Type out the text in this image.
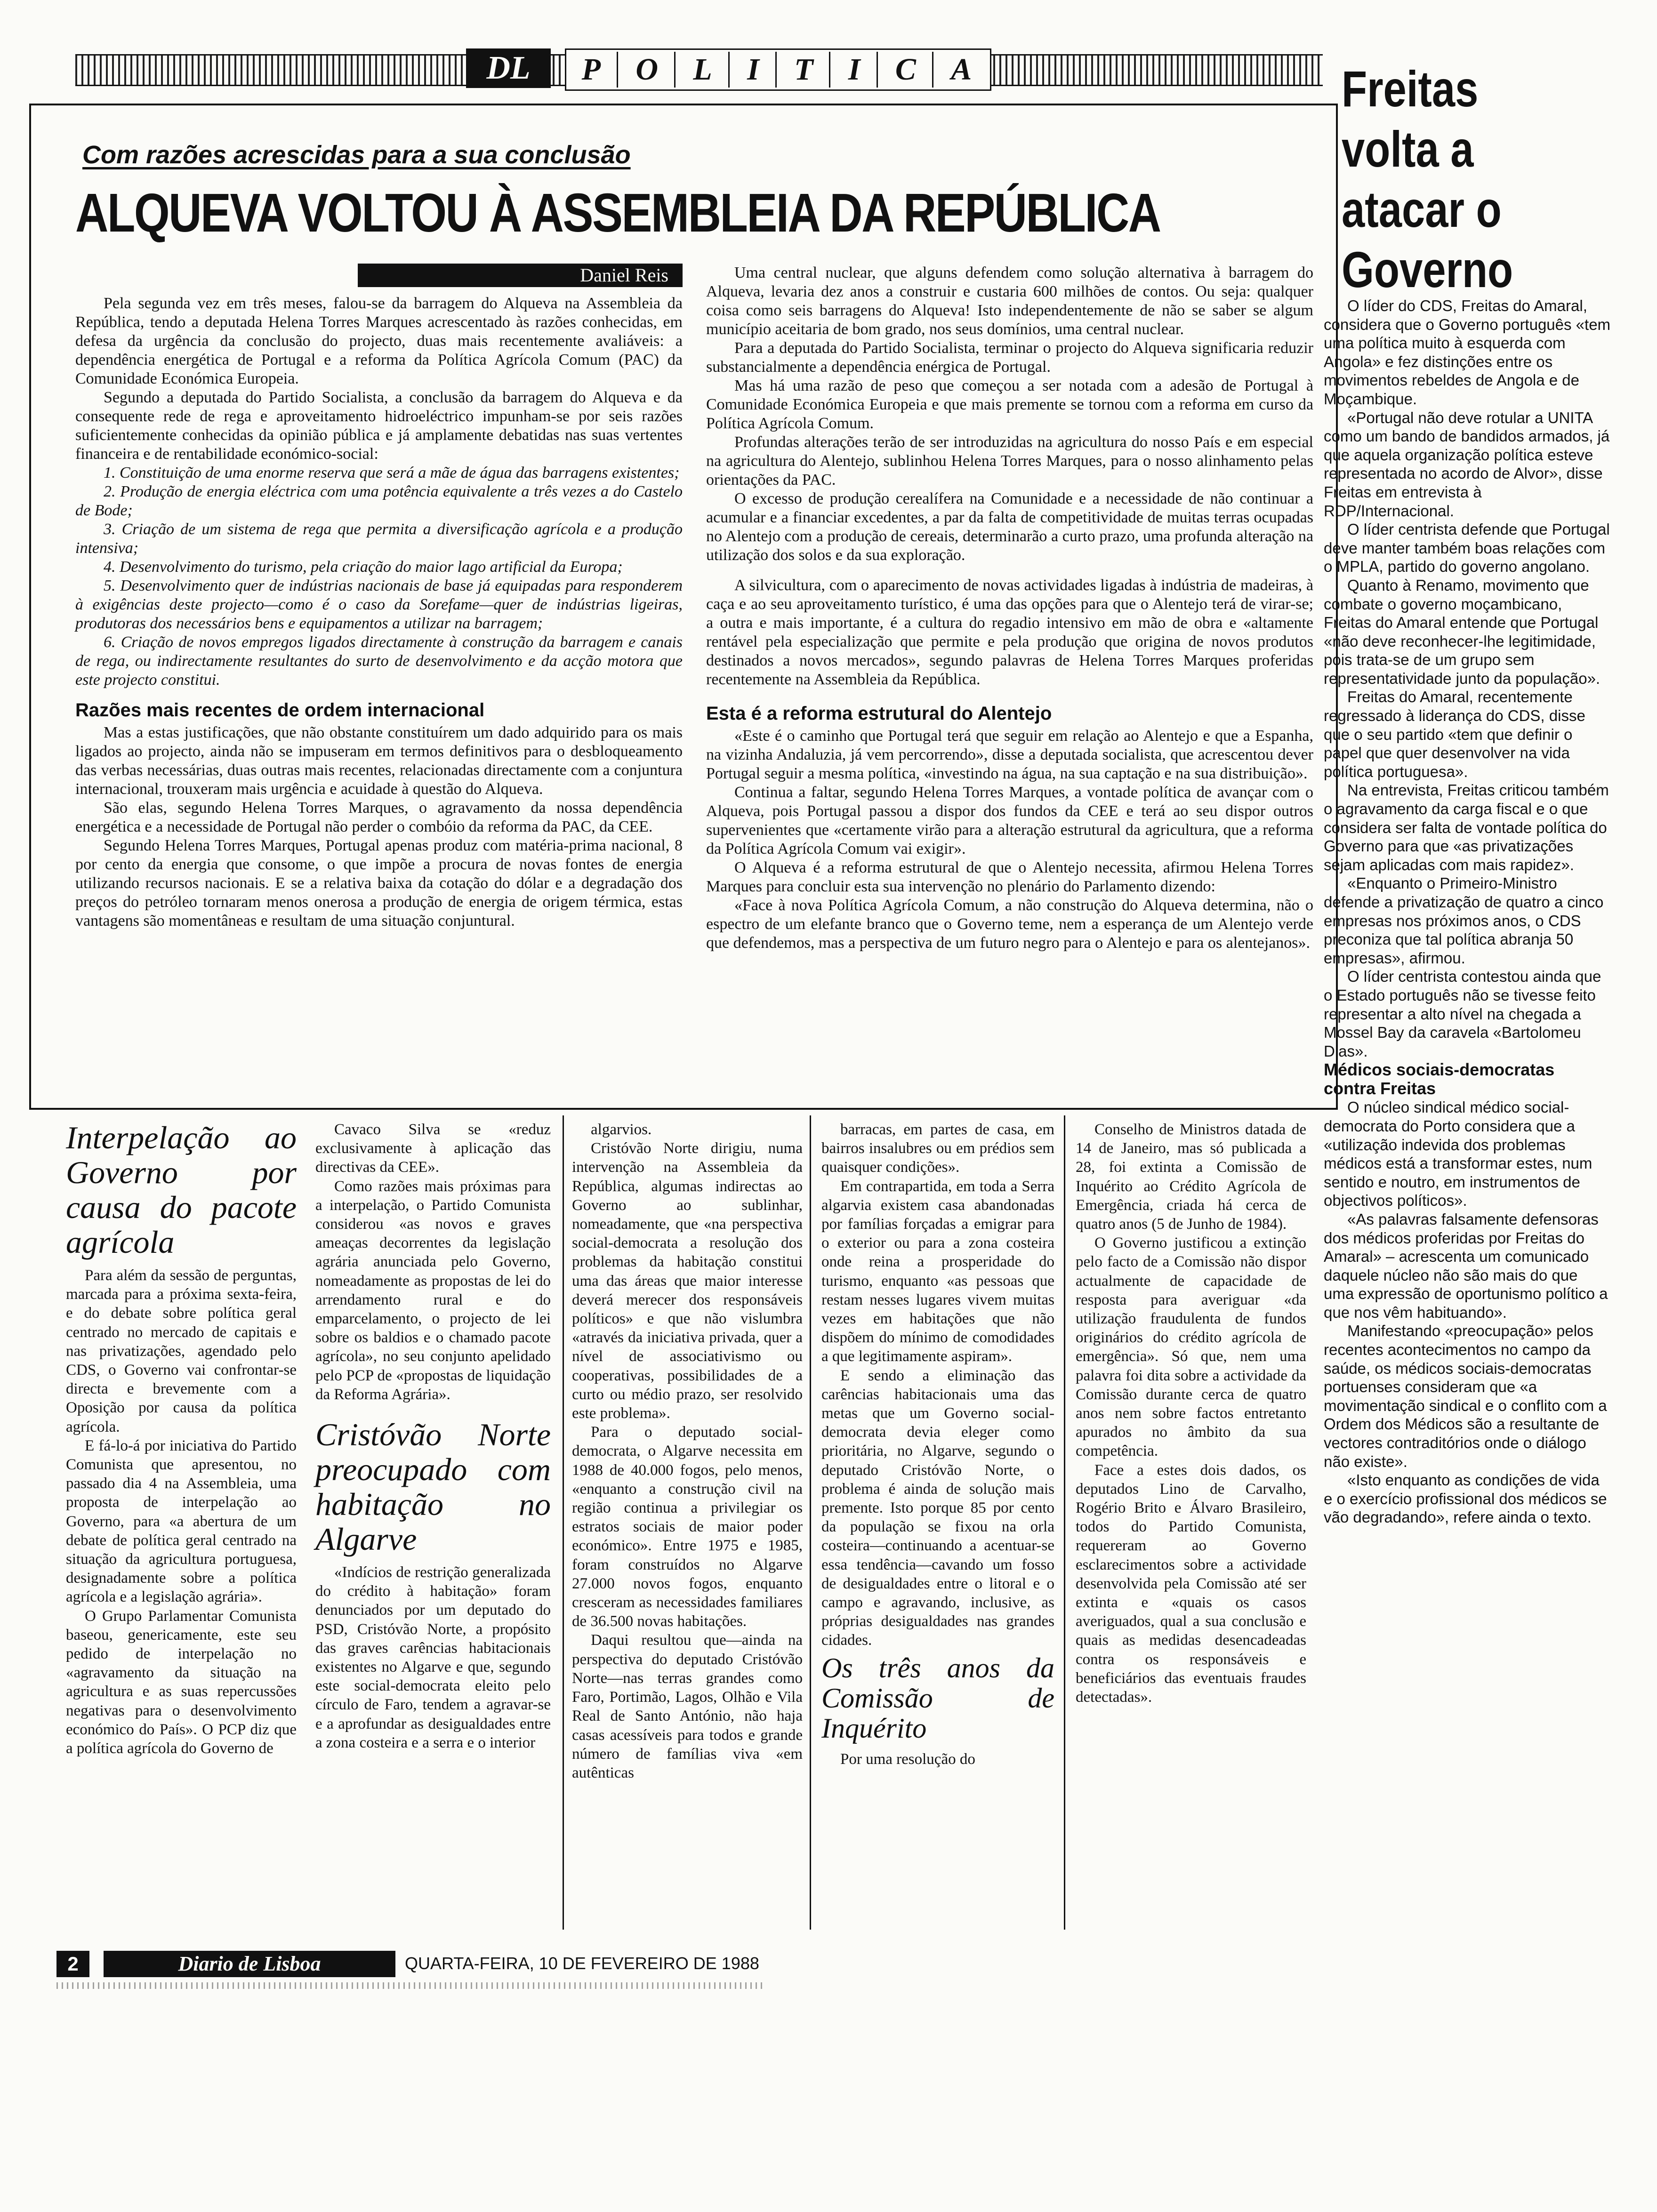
DL	P	O	L	I	T	I	C	A
Com razões acrescidas para a sua conclusão
ALQUEVA VOLTOU À ASSEMBLEIA DA REPÚBLICA
Daniel Reis

Pela segunda vez em três meses, falou-se da barragem do Alqueva na Assembleia da República, tendo a deputada Helena Torres Marques acrescentado às razões conhecidas, em defesa da urgência da conclusão do projecto, duas mais recentemente avaliáveis: a dependência energética de Portugal e a reforma da Política Agrícola Comum (PAC) da Comunidade Económica Europeia.

Segundo a deputada do Partido Socialista, a conclusão da barragem do Alqueva e da consequente rede de rega e aproveitamento hidroeléctrico impunham-se por seis razões suficientemente conhecidas da opinião pública e já amplamente debatidas nas suas vertentes financeira e de rentabilidade económico-social:

1. Constituição de uma enorme reserva que será a mãe de água das barragens existentes;

2. Produção de energia eléctrica com uma potência equivalente a três vezes a do Castelo de Bode;

3. Criação de um sistema de rega que permita a diversificação agrícola e a produção intensiva;

4. Desenvolvimento do turismo, pela criação do maior lago artificial da Europa;

5. Desenvolvimento quer de indústrias nacionais de base já equipadas para responderem à exigências deste projecto—como é o caso da Sorefame—quer de indústrias ligeiras, produtoras dos necessários bens e equipamentos a utilizar na barragem;

6. Criação de novos empregos ligados directamente à construção da barragem e canais de rega, ou indirectamente resultantes do surto de desenvolvimento e da acção motora que este projecto constitui.

Razões mais recentes de ordem internacional

Mas a estas justificações, que não obstante constituírem um dado adquirido para os mais ligados ao projecto, ainda não se impuseram em termos definitivos para o desbloqueamento das verbas necessárias, duas outras mais recentes, relacionadas directamente com a conjuntura internacional, trouxeram mais urgência e acuidade à questão do Alqueva.

São elas, segundo Helena Torres Marques, o agravamento da nossa dependência energética e a necessidade de Portugal não perder o combóio da reforma da PAC, da CEE.

Segundo Helena Torres Marques, Portugal apenas produz com matéria-prima nacional, 8 por cento da energia que consome, o que impõe a procura de novas fontes de energia utilizando recursos nacionais. E se a relativa baixa da cotação do dólar e a degradação dos preços do petróleo tornaram menos onerosa a produção de energia de origem térmica, estas vantagens são momentâneas e resultam de uma situação conjuntural.

Uma central nuclear, que alguns defendem como solução alternativa à barragem do Alqueva, levaria dez anos a construir e custaria 600 milhões de contos. Ou seja: qualquer coisa como seis barragens do Alqueva! Isto independentemente de não se saber se algum município aceitaria de bom grado, nos seus domínios, uma central nuclear.

Para a deputada do Partido Socialista, terminar o projecto do Alqueva significaria reduzir substancialmente a dependência enérgica de Portugal.

Mas há uma razão de peso que começou a ser notada com a adesão de Portugal à Comunidade Económica Europeia e que mais premente se tornou com a reforma em curso da Política Agrícola Comum.

Profundas alterações terão de ser introduzidas na agricultura do nosso País e em especial na agricultura do Alentejo, sublinhou Helena Torres Marques, para o nosso alinhamento pelas orientações da PAC.

O excesso de produção cerealífera na Comunidade e a necessidade de não continuar a acumular e a financiar excedentes, a par da falta de competitividade de muitas terras ocupadas no Alentejo com a produção de cereais, determinarão a curto prazo, uma profunda alteração na utilização dos solos e da sua exploração.

A silvicultura, com o aparecimento de novas actividades ligadas à indústria de madeiras, à caça e ao seu aproveitamento turístico, é uma das opções para que o Alentejo terá de virar-se; a outra e mais importante, é a cultura do regadio intensivo em mão de obra e «altamente rentável pela especialização que permite e pela produção que origina de novos produtos destinados a novos mercados», segundo palavras de Helena Torres Marques proferidas recentemente na Assembleia da República.

Esta é a reforma estrutural do Alentejo

«Este é o caminho que Portugal terá que seguir em relação ao Alentejo e que a Espanha, na vizinha Andaluzia, já vem percorrendo», disse a deputada socialista, que acrescentou dever Portugal seguir a mesma política, «investindo na água, na sua captação e na sua distribuição».

Continua a faltar, segundo Helena Torres Marques, a vontade política de avançar com o Alqueva, pois Portugal passou a dispor dos fundos da CEE e terá ao seu dispor outros supervenientes que «certamente virão para a alteração estrutural da agricultura, que a reforma da Política Agrícola Comum vai exigir».

O Alqueva é a reforma estrutural de que o Alentejo necessita, afirmou Helena Torres Marques para concluir esta sua intervenção no plenário do Parlamento dizendo:

«Face à nova Política Agrícola Comum, a não construção do Alqueva determina, não o espectro de um elefante branco que o Governo teme, nem a esperança de um Alentejo verde que defendemos, mas a perspectiva de um futuro negro para o Alentejo e para os alentejanos».

Interpelação ao Governo por causa do pacote agrícola

Para além da sessão de perguntas, marcada para a próxima sexta-feira, e do debate sobre política geral centrado no mercado de capitais e nas privatizações, agendado pelo CDS, o Governo vai confrontar-se directa e brevemente com a Oposição por causa da política agrícola.

E fá-lo-á por iniciativa do Partido Comunista que apresentou, no passado dia 4 na Assembleia, uma proposta de interpelação ao Governo, para «a abertura de um debate de política geral centrado na situação da agricultura portuguesa, designadamente sobre a política agrícola e a legislação agrária».

O Grupo Parlamentar Comunista baseou, genericamente, este seu pedido de interpelação no «agravamento da situação na agricultura e as suas repercussões negativas para o desenvolvimento económico do País». O PCP diz que a política agrícola do Governo de

Cavaco Silva se «reduz exclusivamente à aplicação das directivas da CEE».

Como razões mais próximas para a interpelação, o Partido Comunista considerou «as novos e graves ameaças decorrentes da legislação agrária anunciada pelo Governo, nomeadamente as propostas de lei do arrendamento rural e do emparcelamento, o projecto de lei sobre os baldios e o chamado pacote agrícola», no seu conjunto apelidado pelo PCP de «propostas de liquidação da Reforma Agrária».

Cristóvão Norte preocupado com habitação no Algarve

«Indícios de restrição generalizada do crédito à habitação» foram denunciados por um deputado do PSD, Cristóvão Norte, a propósito das graves carências habitacionais existentes no Algarve e que, segundo este social-democrata eleito pelo círculo de Faro, tendem a agravar-se e a aprofundar as desigualdades entre a zona costeira e a serra e o interior

algarvios.

Cristóvão Norte dirigiu, numa intervenção na Assembleia da República, algumas indirectas ao Governo ao sublinhar, nomeadamente, que «na perspectiva social-democrata a resolução dos problemas da habitação constitui uma das áreas que maior interesse deverá merecer dos responsáveis políticos» e que não vislumbra «através da iniciativa privada, quer a nível de associativismo ou cooperativas, possibilidades de a curto ou médio prazo, ser resolvido este problema».

Para o deputado social-democrata, o Algarve necessita em 1988 de 40.000 fogos, pelo menos, «enquanto a construção civil na região continua a privilegiar os estratos sociais de maior poder económico». Entre 1975 e 1985, foram construídos no Algarve 27.000 novos fogos, enquanto cresceram as necessidades familiares de 36.500 novas habitações.

Daqui resultou que—ainda na perspectiva do deputado Cristóvão Norte—nas terras grandes como Faro, Portimão, Lagos, Olhão e Vila Real de Santo António, não haja casas acessíveis para todos e grande número de famílias viva «em autênticas

barracas, em partes de casa, em bairros insalubres ou em prédios sem quaisquer condições».

Em contrapartida, em toda a Serra algarvia existem casa abandonadas por famílias forçadas a emigrar para o exterior ou para a zona costeira onde reina a prosperidade do turismo, enquanto «as pessoas que restam nesses lugares vivem muitas vezes em habitações que não dispõem do mínimo de comodidades a que legitimamente aspiram».

E sendo a eliminação das carências habitacionais uma das metas que um Governo social-democrata devia eleger como prioritária, no Algarve, segundo o deputado Cristóvão Norte, o problema é ainda de solução mais premente. Isto porque 85 por cento da população se fixou na orla costeira—continuando a acentuar-se essa tendência—cavando um fosso de desigualdades entre o litoral e o campo e agravando, inclusive, as próprias desigualdades nas grandes cidades.

Os três anos da Comissão de Inquérito

Por uma resolução do

Conselho de Ministros datada de 14 de Janeiro, mas só publicada a 28, foi extinta a Comissão de Inquérito ao Crédito Agrícola de Emergência, criada há cerca de quatro anos (5 de Junho de 1984).

O Governo justificou a extinção pelo facto de a Comissão não dispor actualmente de capacidade de resposta para averiguar «da utilização fraudulenta de fundos originários do crédito agrícola de emergência». Só que, nem uma palavra foi dita sobre a actividade da Comissão durante cerca de quatro anos nem sobre factos entretanto apurados no âmbito da sua competência.

Face a estes dois dados, os deputados Lino de Carvalho, Rogério Brito e Álvaro Brasileiro, todos do Partido Comunista, requereram ao Governo esclarecimentos sobre a actividade desenvolvida pela Comissão até ser extinta e «quais os casos averiguados, qual a sua conclusão e quais as medidas desencadeadas contra os responsáveis e beneficiários das eventuais fraudes detectadas».

Freitas volta a atacar o Governo

O líder do CDS, Freitas do Amaral, considera que o Governo português «tem uma política muito à esquerda com Angola» e fez distinções entre os movimentos rebeldes de Angola e de Moçambique.

«Portugal não deve rotular a UNITA como um bando de bandidos armados, já que aquela organização política esteve representada no acordo de Alvor», disse Freitas em entrevista à RDP/Internacional.

O líder centrista defende que Portugal deve manter também boas relações com o MPLA, partido do governo angolano.

Quanto à Renamo, movimento que combate o governo moçambicano, Freitas do Amaral entende que Portugal «não deve reconhecer-lhe legitimidade, pois trata-se de um grupo sem representatividade junto da população».

Freitas do Amaral, recentemente regressado à liderança do CDS, disse que o seu partido «tem que definir o papel que quer desenvolver na vida política portuguesa».

Na entrevista, Freitas criticou também o agravamento da carga fiscal e o que considera ser falta de vontade política do Governo para que «as privatizações sejam aplicadas com mais rapidez».

«Enquanto o Primeiro-Ministro defende a privatização de quatro a cinco empresas nos próximos anos, o CDS preconiza que tal política abranja 50 empresas», afirmou.

O líder centrista contestou ainda que o Estado português não se tivesse feito representar a alto nível na chegada a Mossel Bay da caravela «Bartolomeu Dias».

Médicos sociais-democratas contra Freitas

O núcleo sindical médico social-democrata do Porto considera que a «utilização indevida dos problemas médicos está a transformar estes, num sentido e noutro, em instrumentos de objectivos políticos».

«As palavras falsamente defensoras dos médicos proferidas por Freitas do Amaral» – acrescenta um comunicado daquele núcleo não são mais do que uma expressão de oportunismo político a que nos vêm habituando».

Manifestando «preocupação» pelos recentes acontecimentos no campo da saúde, os médicos sociais-democratas portuenses consideram que «a movimentação sindical e o conflito com a Ordem dos Médicos são a resultante de vectores contraditórios onde o diálogo não existe».

«Isto enquanto as condições de vida e o exercício profissional dos médicos se vão degradando», refere ainda o texto.

2	Diario de Lisboa	QUARTA-FEIRA, 10 DE FEVEREIRO DE 1988
